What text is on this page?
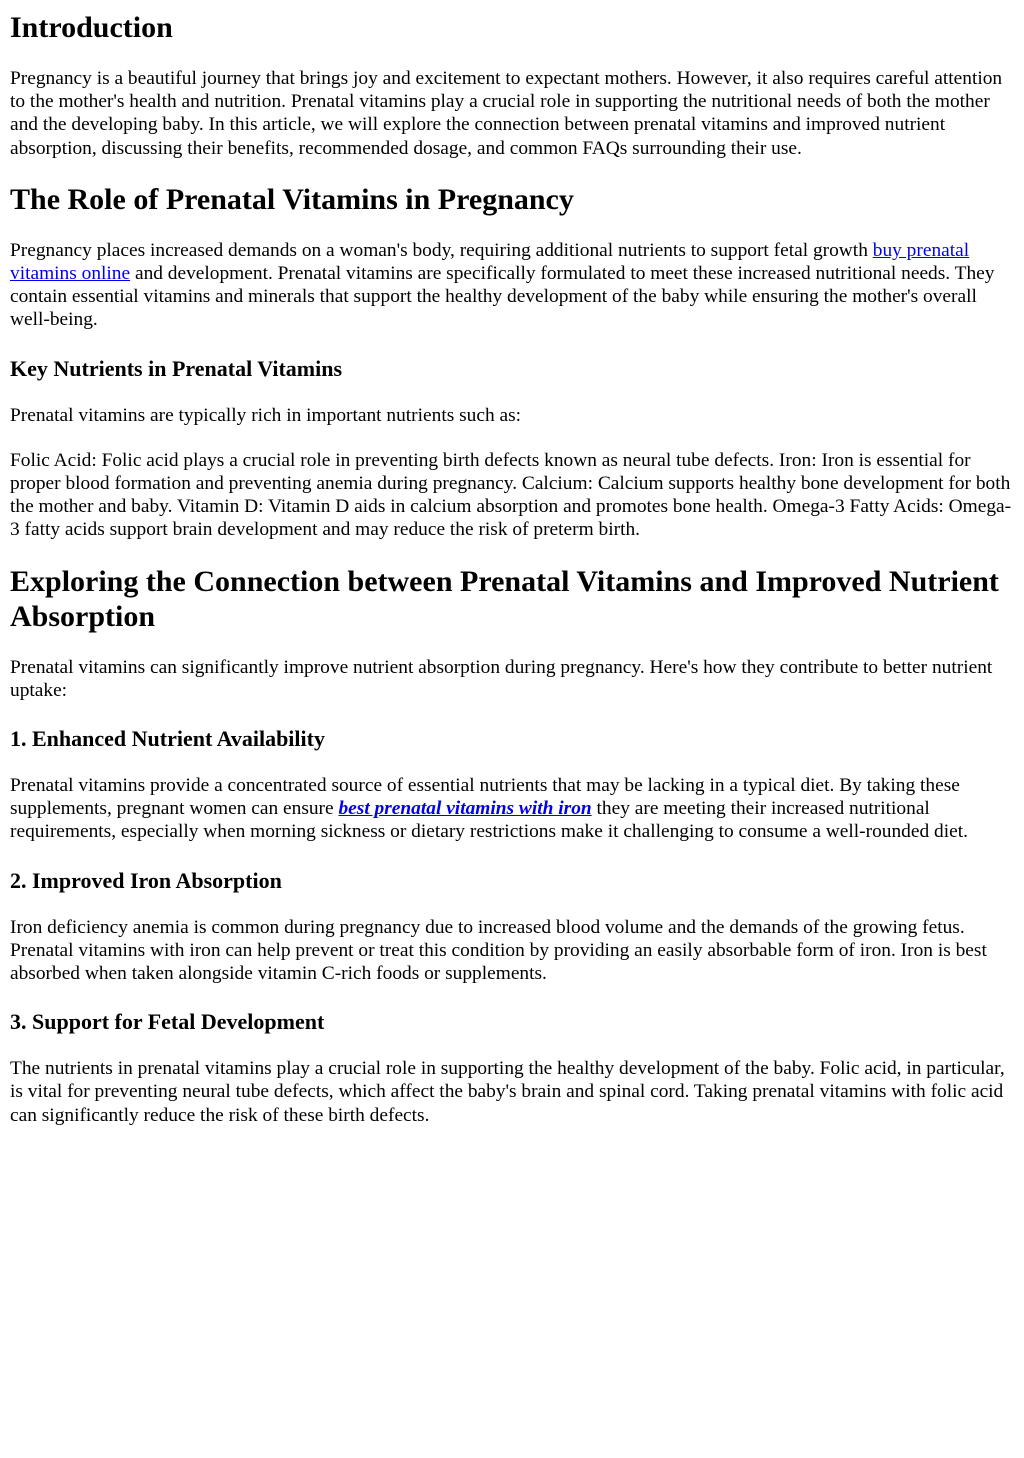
Introduction

Pregnancy is a beautiful journey that brings joy and excitement to expectant mothers. However, it also requires careful attention to the mother's health and nutrition. Prenatal vitamins play a crucial role in supporting the nutritional needs of both the mother and the developing baby. In this article, we will explore the connection between prenatal vitamins and improved nutrient absorption, discussing their benefits, recommended dosage, and common FAQs surrounding their use.

The Role of Prenatal Vitamins in Pregnancy

Pregnancy places increased demands on a woman's body, requiring additional nutrients to support fetal growth buy prenatal vitamins online and development. Prenatal vitamins are specifically formulated to meet these increased nutritional needs. They contain essential vitamins and minerals that support the healthy development of the baby while ensuring the mother's overall well-being.

Key Nutrients in Prenatal Vitamins

Prenatal vitamins are typically rich in important nutrients such as:

Folic Acid: Folic acid plays a crucial role in preventing birth defects known as neural tube defects. Iron: Iron is essential for proper blood formation and preventing anemia during pregnancy. Calcium: Calcium supports healthy bone development for both the mother and baby. Vitamin D: Vitamin D aids in calcium absorption and promotes bone health. Omega-3 Fatty Acids: Omega-3 fatty acids support brain development and may reduce the risk of preterm birth.

Exploring the Connection between Prenatal Vitamins and Improved Nutrient Absorption

Prenatal vitamins can significantly improve nutrient absorption during pregnancy. Here's how they contribute to better nutrient uptake:

1. Enhanced Nutrient Availability

Prenatal vitamins provide a concentrated source of essential nutrients that may be lacking in a typical diet. By taking these supplements, pregnant women can ensure best prenatal vitamins with iron they are meeting their increased nutritional requirements, especially when morning sickness or dietary restrictions make it challenging to consume a well-rounded diet.

2. Improved Iron Absorption

Iron deficiency anemia is common during pregnancy due to increased blood volume and the demands of the growing fetus. Prenatal vitamins with iron can help prevent or treat this condition by providing an easily absorbable form of iron. Iron is best absorbed when taken alongside vitamin C-rich foods or supplements.

3. Support for Fetal Development

The nutrients in prenatal vitamins play a crucial role in supporting the healthy development of the baby. Folic acid, in particular, is vital for preventing neural tube defects, which affect the baby's brain and spinal cord. Taking prenatal vitamins with folic acid can significantly reduce the risk of these birth defects.
